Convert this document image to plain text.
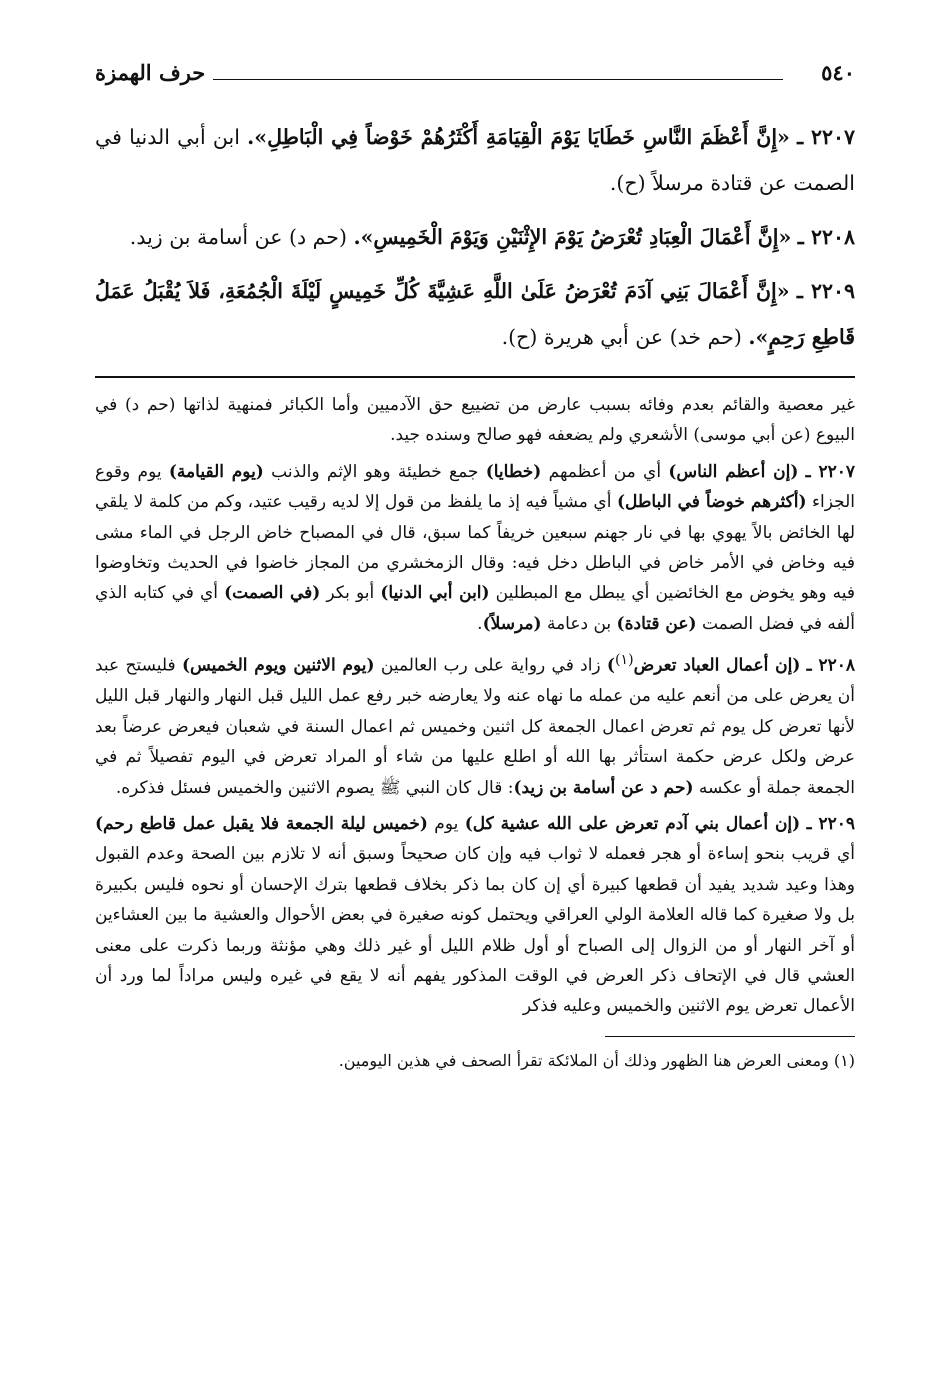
٥٤٠
حرف الهمزة

٢٢٠٧ ـ «إِنَّ أَعْظَمَ النَّاسِ خَطَايَا يَوْمَ الْقِيَامَةِ أَكْثَرُهُمْ خَوْضاً فِي الْبَاطِلِ». ابن أبي الدنيا في الصمت عن قتادة مرسلاً (ح).

٢٢٠٨ ـ «إِنَّ أَعْمَالَ الْعِبَادِ تُعْرَضُ يَوْمَ الإِثْنَيْنِ وَيَوْمَ الْخَمِيسِ». (حم د) عن أسامة بن زيد.

٢٢٠٩ ـ «إِنَّ أَعْمَالَ بَنِي آدَمَ تُعْرَضُ عَلَىٰ اللَّهِ عَشِيَّةَ كُلِّ خَمِيسٍ لَيْلَةَ الْجُمُعَةِ، فَلاَ يُقْبَلُ عَمَلُ قَاطِعِ رَحِمٍ». (حم خد) عن أبي هريرة (ح).

غير معصية والقائم بعدم وفائه بسبب عارض من تضييع حق الآدميين وأما الكبائر فمنهية لذاتها (حم د) في البيوع (عن أبي موسى) الأشعري ولم يضعفه فهو صالح وسنده جيد.

٢٢٠٧ ـ (إن أعظم الناس) أي من أعظمهم (خطايا) جمع خطيئة وهو الإثم والذنب (يوم القيامة) يوم وقوع الجزاء (أكثرهم خوضاً في الباطل) أي مشياً فيه إذ ما يلفظ من قول إلا لديه رقيب عتيد، وكم من كلمة لا يلقي لها الخائض بالاً يهوي بها في نار جهنم سبعين خريفاً كما سبق، قال في المصباح خاض الرجل في الماء مشى فيه وخاض في الأمر خاض في الباطل دخل فيه: وقال الزمخشري من المجاز خاضوا في الحديث وتخاوضوا فيه وهو يخوض مع الخائضين أي يبطل مع المبطلين (ابن أبي الدنيا) أبو بكر (في الصمت) أي في كتابه الذي ألفه في فضل الصمت (عن قتادة) بن دعامة (مرسلاً).

٢٢٠٨ ـ (إن أعمال العباد تعرض$^{(١)}$) زاد في رواية على رب العالمين (يوم الاثنين ويوم الخميس) فليستح عبد أن يعرض على من أنعم عليه من عمله ما نهاه عنه ولا يعارضه خبر رفع عمل الليل قبل النهار والنهار قبل الليل لأنها تعرض كل يوم ثم تعرض اعمال الجمعة كل اثنين وخميس ثم اعمال السنة في شعبان فيعرض عرضاً بعد عرض ولكل عرض حكمة استأثر بها الله أو اطلع عليها من شاء أو المراد تعرض في اليوم تفصيلاً ثم في الجمعة جملة أو عكسه (حم د عن أسامة بن زيد): قال كان النبي ﷺ يصوم الاثنين والخميس فسئل فذكره.

٢٢٠٩ ـ (إن أعمال بني آدم تعرض على الله عشية كل) يوم (خميس ليلة الجمعة فلا يقبل عمل قاطع رحم) أي قريب بنحو إساءة أو هجر فعمله لا ثواب فيه وإن كان صحيحاً وسبق أنه لا تلازم بين الصحة وعدم القبول وهذا وعيد شديد يفيد أن قطعها كبيرة أي إن كان بما ذكر بخلاف قطعها بترك الإحسان أو نحوه فليس بكبيرة بل ولا صغيرة كما قاله العلامة الولي العراقي ويحتمل كونه صغيرة في بعض الأحوال والعشية ما بين العشاءين أو آخر النهار أو من الزوال إلى الصباح أو أول ظلام الليل أو غير ذلك وهي مؤنثة وربما ذكرت على معنى العشي قال في الإتحاف ذكر العرض في الوقت المذكور يفهم أنه لا يقع في غيره وليس مراداً لما ورد أن الأعمال تعرض يوم الاثنين والخميس وعليه فذكر

(١) ومعنى العرض هنا الظهور وذلك أن الملائكة تقرأ الصحف في هذين اليومين.
